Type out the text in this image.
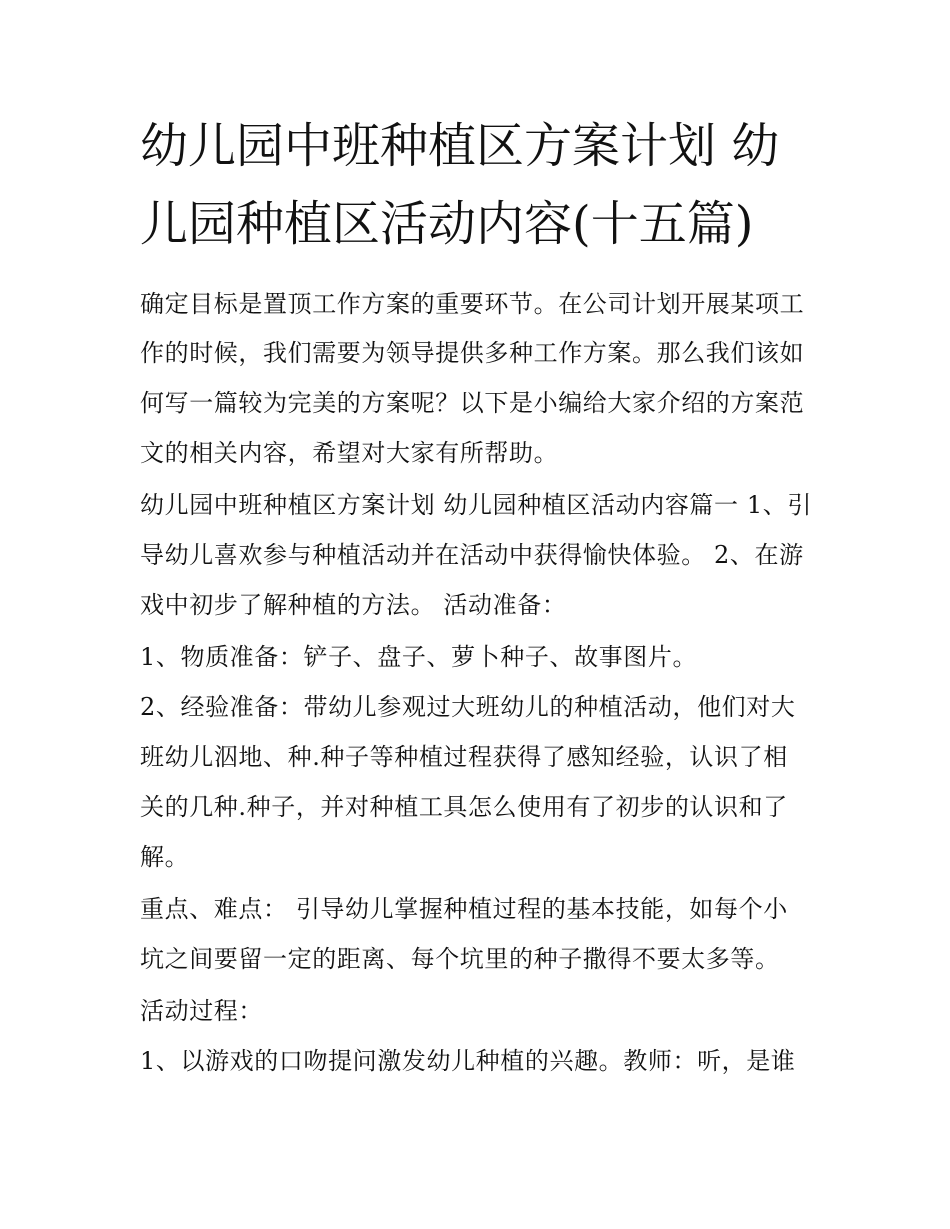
幼儿园中班种植区方案计划 幼
儿园种植区活动内容(十五篇)
确定目标是置顶工作方案的重要环节。在公司计划开展某项工
作的时候，我们需要为领导提供多种工作方案。那么我们该如
何写一篇较为完美的方案呢？以下是小编给大家介绍的方案范
文的相关内容，希望对大家有所帮助。
幼儿园中班种植区方案计划 幼儿园种植区活动内容篇一 1、引
导幼儿喜欢参与种植活动并在活动中获得愉快体验。 2、在游
戏中初步了解种植的方法。 活动准备：
1、物质准备：铲子、盘子、萝卜种子、故事图片。
2、经验准备：带幼儿参观过大班幼儿的种植活动，他们对大
班幼儿泅地、种.种子等种植过程获得了感知经验，认识了相
关的几种.种子，并对种植工具怎么使用有了初步的认识和了
解。
重点、难点： 引导幼儿掌握种植过程的基本技能，如每个小
坑之间要留一定的距离、每个坑里的种子撒得不要太多等。
活动过程：
1、以游戏的口吻提问激发幼儿种植的兴趣。教师：听，是谁
